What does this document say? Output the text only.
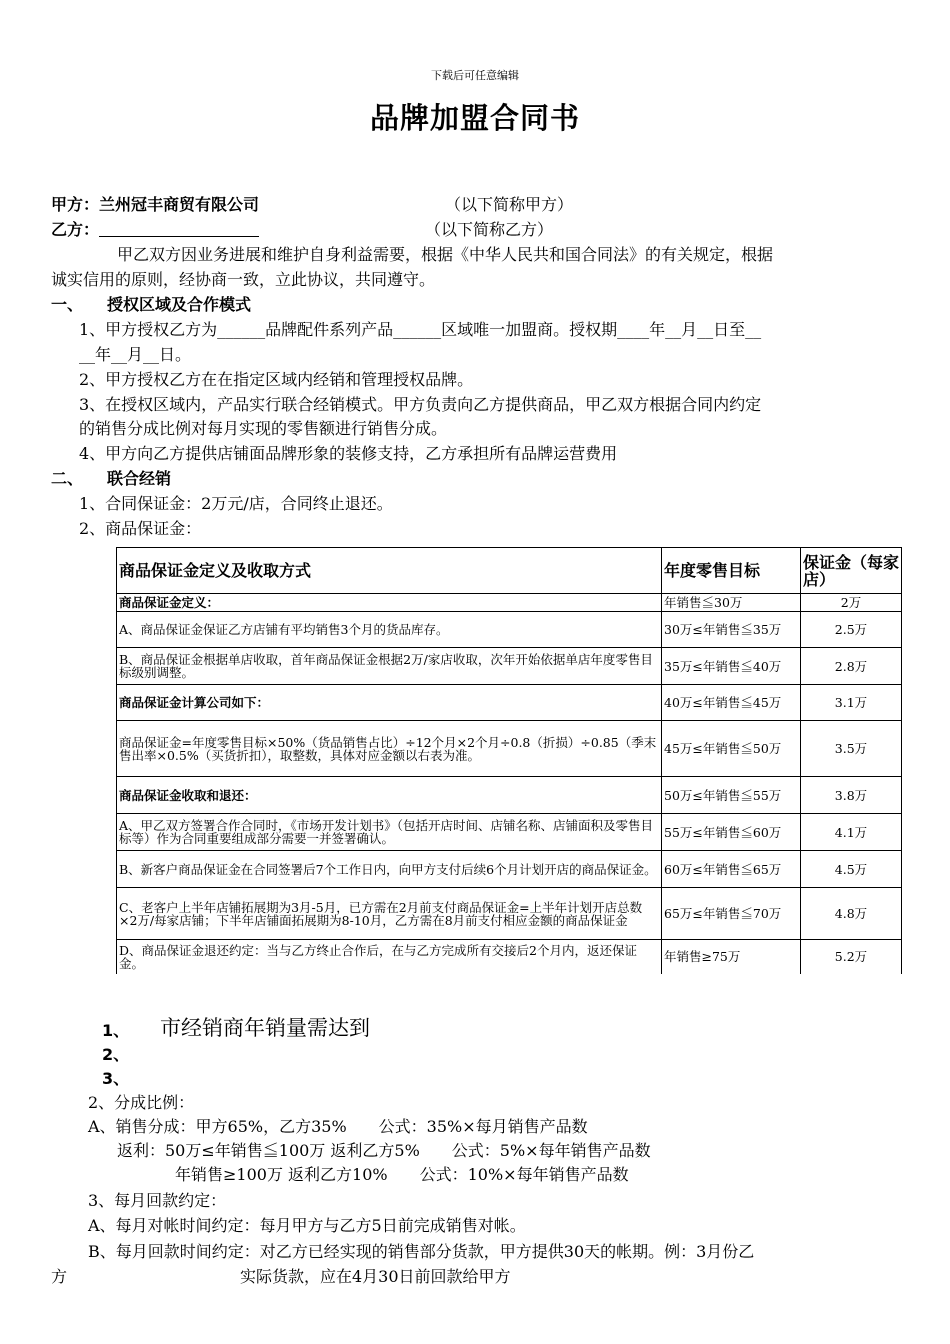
下载后可任意编辑
品牌加盟合同书
甲方：兰州冠丰商贸有限公司	（以下简称甲方）
乙方：	（以下简称乙方）
甲乙双方因业务进展和维护自身利益需要，根据《中华人民共和国合同法》的有关规定，根据
诚实信用的原则，经协商一致，立此协议，共同遵守。
一、 授权区域及合作模式
1、甲方授权乙方为______品牌配件系列产品______区域唯一加盟商。授权期____年__月__日至__
__年__月__日。
2、甲方授权乙方在在指定区域内经销和管理授权品牌。
3、在授权区域内，产品实行联合经销模式。甲方负责向乙方提供商品，甲乙双方根据合同内约定
的销售分成比例对每月实现的零售额进行销售分成。
4、甲方向乙方提供店铺面品牌形象的装修支持，乙方承担所有品牌运营费用
二、 联合经销
1、合同保证金：2万元/店，合同终止退还。
2、商品保证金：
商品保证金定义及收取方式	年度零售目标	保证金（每家店）
商品保证金定义：	年销售≦30万	2万
A、商品保证金保证乙方店铺有平均销售3个月的货品库存。	30万≤年销售≦35万	2.5万
B、商品保证金根据单店收取，首年商品保证金根据2万/家店收取，次年开始依据单店年度零售目标级别调整。	35万≤年销售≦40万	2.8万
商品保证金计算公司如下：	40万≤年销售≦45万	3.1万
商品保证金=年度零售目标×50%（货品销售占比）÷12个月×2个月÷0.8（折损）÷0.85（季末售出率×0.5%（买货折扣），取整数，具体对应金额以右表为准。	45万≤年销售≦50万	3.5万
商品保证金收取和退还：	50万≤年销售≦55万	3.8万
A、甲乙双方签署合作合同时，《市场开发计划书》（包括开店时间、店铺名称、店铺面积及零售目标等）作为合同重要组成部分需要一并签署确认。	55万≤年销售≦60万	4.1万
B、新客户商品保证金在合同签署后7个工作日内，向甲方支付后续6个月计划开店的商品保证金。	60万≤年销售≦65万	4.5万
C、老客户上半年店铺拓展期为3月-5月，已方需在2月前支付商品保证金=上半年计划开店总数×2万/每家店铺；下半年店铺面拓展期为8-10月，乙方需在8月前支付相应金额的商品保证金	65万≤年销售≦70万	4.8万
D、商品保证金退还约定：当与乙方终止合作后，在与乙方完成所有交接后2个月内，返还保证金。	年销售≥75万	5.2万
1、 市经销商年销量需达到
2、
3、
2、分成比例：
A、销售分成：甲方65%，乙方35%　　公式：35%×每月销售产品数
返利：50万≤年销售≦100万 返利乙方5%　　公式：5%×每年销售产品数
年销售≥100万 返利乙方10%　　公式：10%×每年销售产品数
3、每月回款约定：
A、每月对帐时间约定：每月甲方与乙方5日前完成销售对帐。
B、每月回款时间约定：对乙方已经实现的销售部分货款，甲方提供30天的帐期。例：3月份乙
方	实际货款，应在4月30日前回款给甲方
